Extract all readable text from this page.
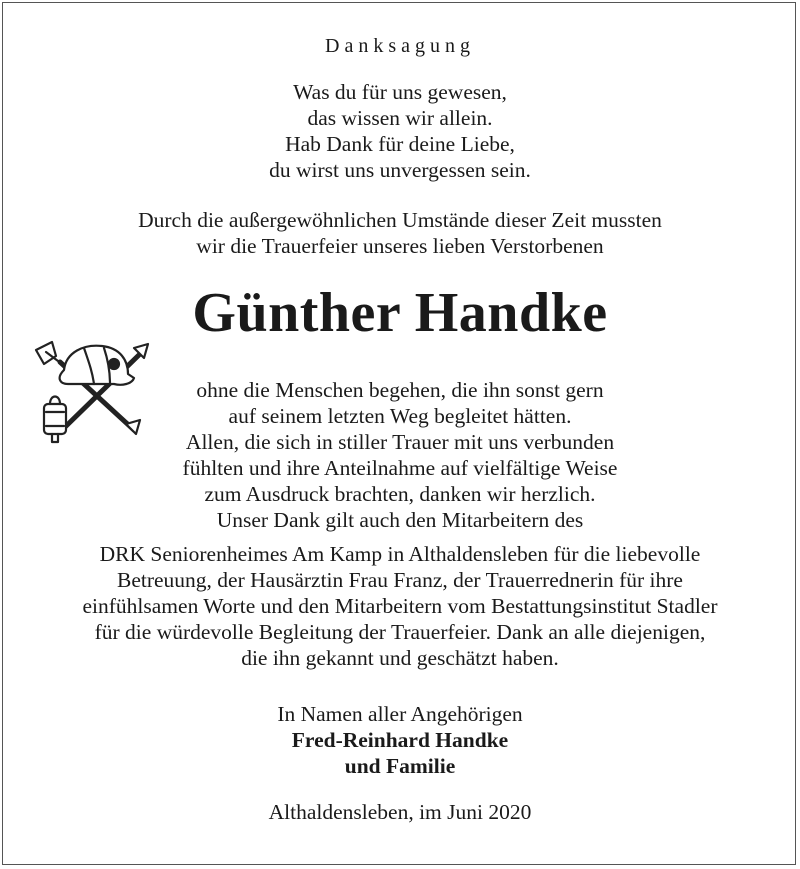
Danksagung
Was du für uns gewesen,
das wissen wir allein.
Hab Dank für deine Liebe,
du wirst uns unvergessen sein.
Durch die außergewöhnlichen Umstände dieser Zeit mussten
wir die Trauerfeier unseres lieben Verstorbenen
Günther Handke
ohne die Menschen begehen, die ihn sonst gern
auf seinem letzten Weg begleitet hätten.
Allen, die sich in stiller Trauer mit uns verbunden
fühlten und ihre Anteilnahme auf vielfältige Weise
zum Ausdruck brachten, danken wir herzlich.
Unser Dank gilt auch den Mitarbeitern des
DRK Seniorenheimes Am Kamp in Althaldensleben für die liebevolle
Betreuung, der Hausärztin Frau Franz, der Trauerrednerin für ihre
einfühlsamen Worte und den Mitarbeitern vom Bestattungsinstitut Stadler
für die würdevolle Begleitung der Trauerfeier. Dank an alle diejenigen,
die ihn gekannt und geschätzt haben.
In Namen aller Angehörigen
Fred-Reinhard Handke
und Familie
Althaldensleben, im Juni 2020
